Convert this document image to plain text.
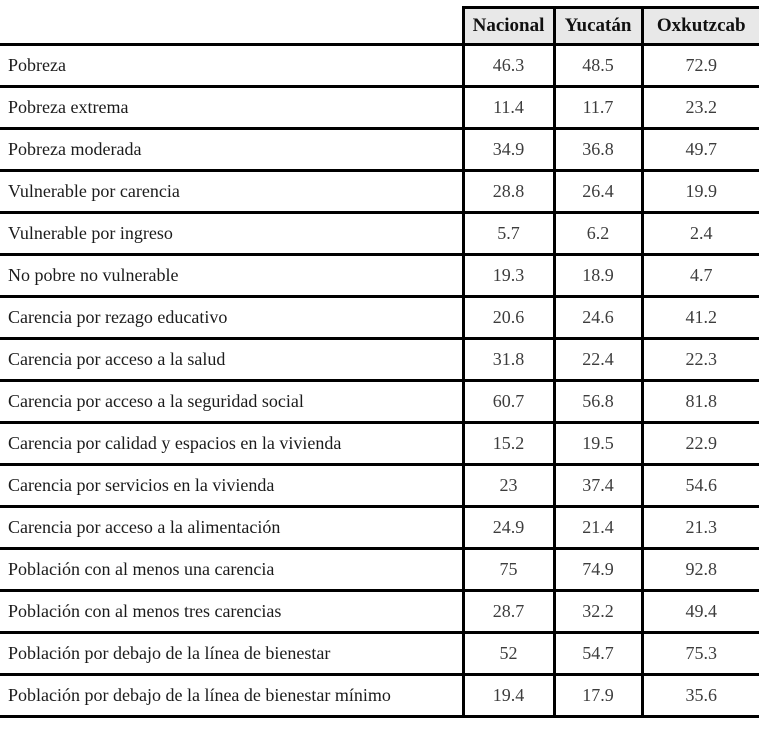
	Nacional	Yucatán	Oxkutzcab
Pobreza	46.3	48.5	72.9
Pobreza extrema	11.4	11.7	23.2
Pobreza moderada	34.9	36.8	49.7
Vulnerable por carencia	28.8	26.4	19.9
Vulnerable por ingreso	5.7	6.2	2.4
No pobre no vulnerable	19.3	18.9	4.7
Carencia por rezago educativo	20.6	24.6	41.2
Carencia por acceso a la salud	31.8	22.4	22.3
Carencia por acceso a la seguridad social	60.7	56.8	81.8
Carencia por calidad y espacios en la vivienda	15.2	19.5	22.9
Carencia por servicios en la vivienda	23	37.4	54.6
Carencia por acceso a la alimentación	24.9	21.4	21.3
Población con al menos una carencia	75	74.9	92.8
Población con al menos tres carencias	28.7	32.2	49.4
Población por debajo de la línea de bienestar	52	54.7	75.3
Población por debajo de la línea de bienestar mínimo	19.4	17.9	35.6
